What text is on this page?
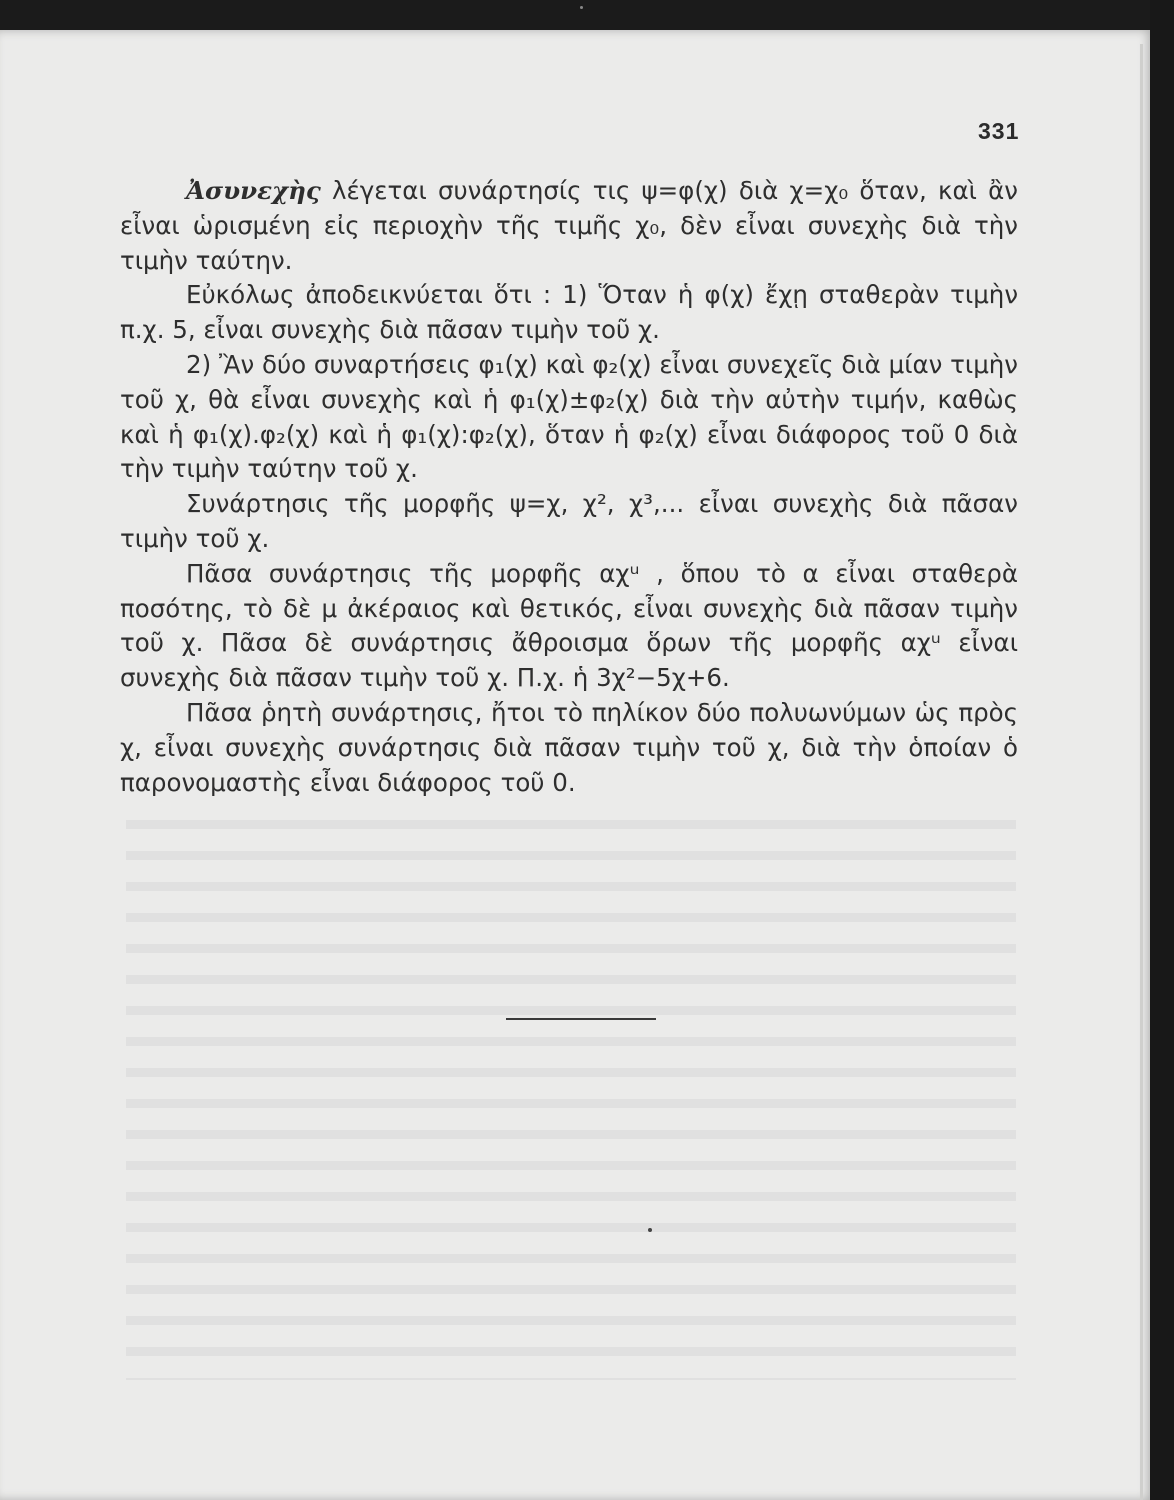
331

Ἀσυνεχὴς λέγεται συνάρτησίς τις ψ=φ(χ) διὰ χ=χ₀ ὅταν, καὶ ἂν εἶναι ὡρισμένη εἰς περιοχὴν τῆς τιμῆς χ₀, δὲν εἶναι συνεχὴς διὰ τὴν τιμὴν ταύτην.

Εὐκόλως ἀποδεικνύεται ὅτι : 1) Ὅταν ἡ φ(χ) ἔχῃ σταθερὰν τιμὴν π.χ. 5, εἶναι συνεχὴς διὰ πᾶσαν τιμὴν τοῦ χ.

2) Ἂν δύο συναρτήσεις φ₁(χ) καὶ φ₂(χ) εἶναι συνεχεῖς διὰ μίαν τιμὴν τοῦ χ, θὰ εἶναι συνεχὴς καὶ ἡ φ₁(χ)±φ₂(χ) διὰ τὴν αὐτὴν τιμήν, καθὼς καὶ ἡ φ₁(χ).φ₂(χ) καὶ ἡ φ₁(χ):φ₂(χ), ὅταν ἡ φ₂(χ) εἶναι διάφορος τοῦ 0 διὰ τὴν τιμὴν ταύτην τοῦ χ.

Συνάρτησις τῆς μορφῆς ψ=χ, χ², χ³,... εἶναι συνεχὴς διὰ πᾶσαν τιμὴν τοῦ χ.

Πᾶσα συνάρτησις τῆς μορφῆς αχᵘ , ὅπου τὸ α εἶναι σταθερὰ ποσότης, τὸ δὲ μ ἀκέραιος καὶ θετικός, εἶναι συνεχὴς διὰ πᾶσαν τιμὴν τοῦ χ. Πᾶσα δὲ συνάρτησις ἄθροισμα ὅρων τῆς μορφῆς αχᵘ εἶναι συνεχὴς διὰ πᾶσαν τιμὴν τοῦ χ. Π.χ. ἡ 3χ²−5χ+6.

Πᾶσα ῥητὴ συνάρτησις, ἤτοι τὸ πηλίκον δύο πολυωνύμων ὡς πρὸς χ, εἶναι συνεχὴς συνάρτησις διὰ πᾶσαν τιμὴν τοῦ χ, διὰ τὴν ὁποίαν ὁ παρονομαστὴς εἶναι διάφορος τοῦ 0.
